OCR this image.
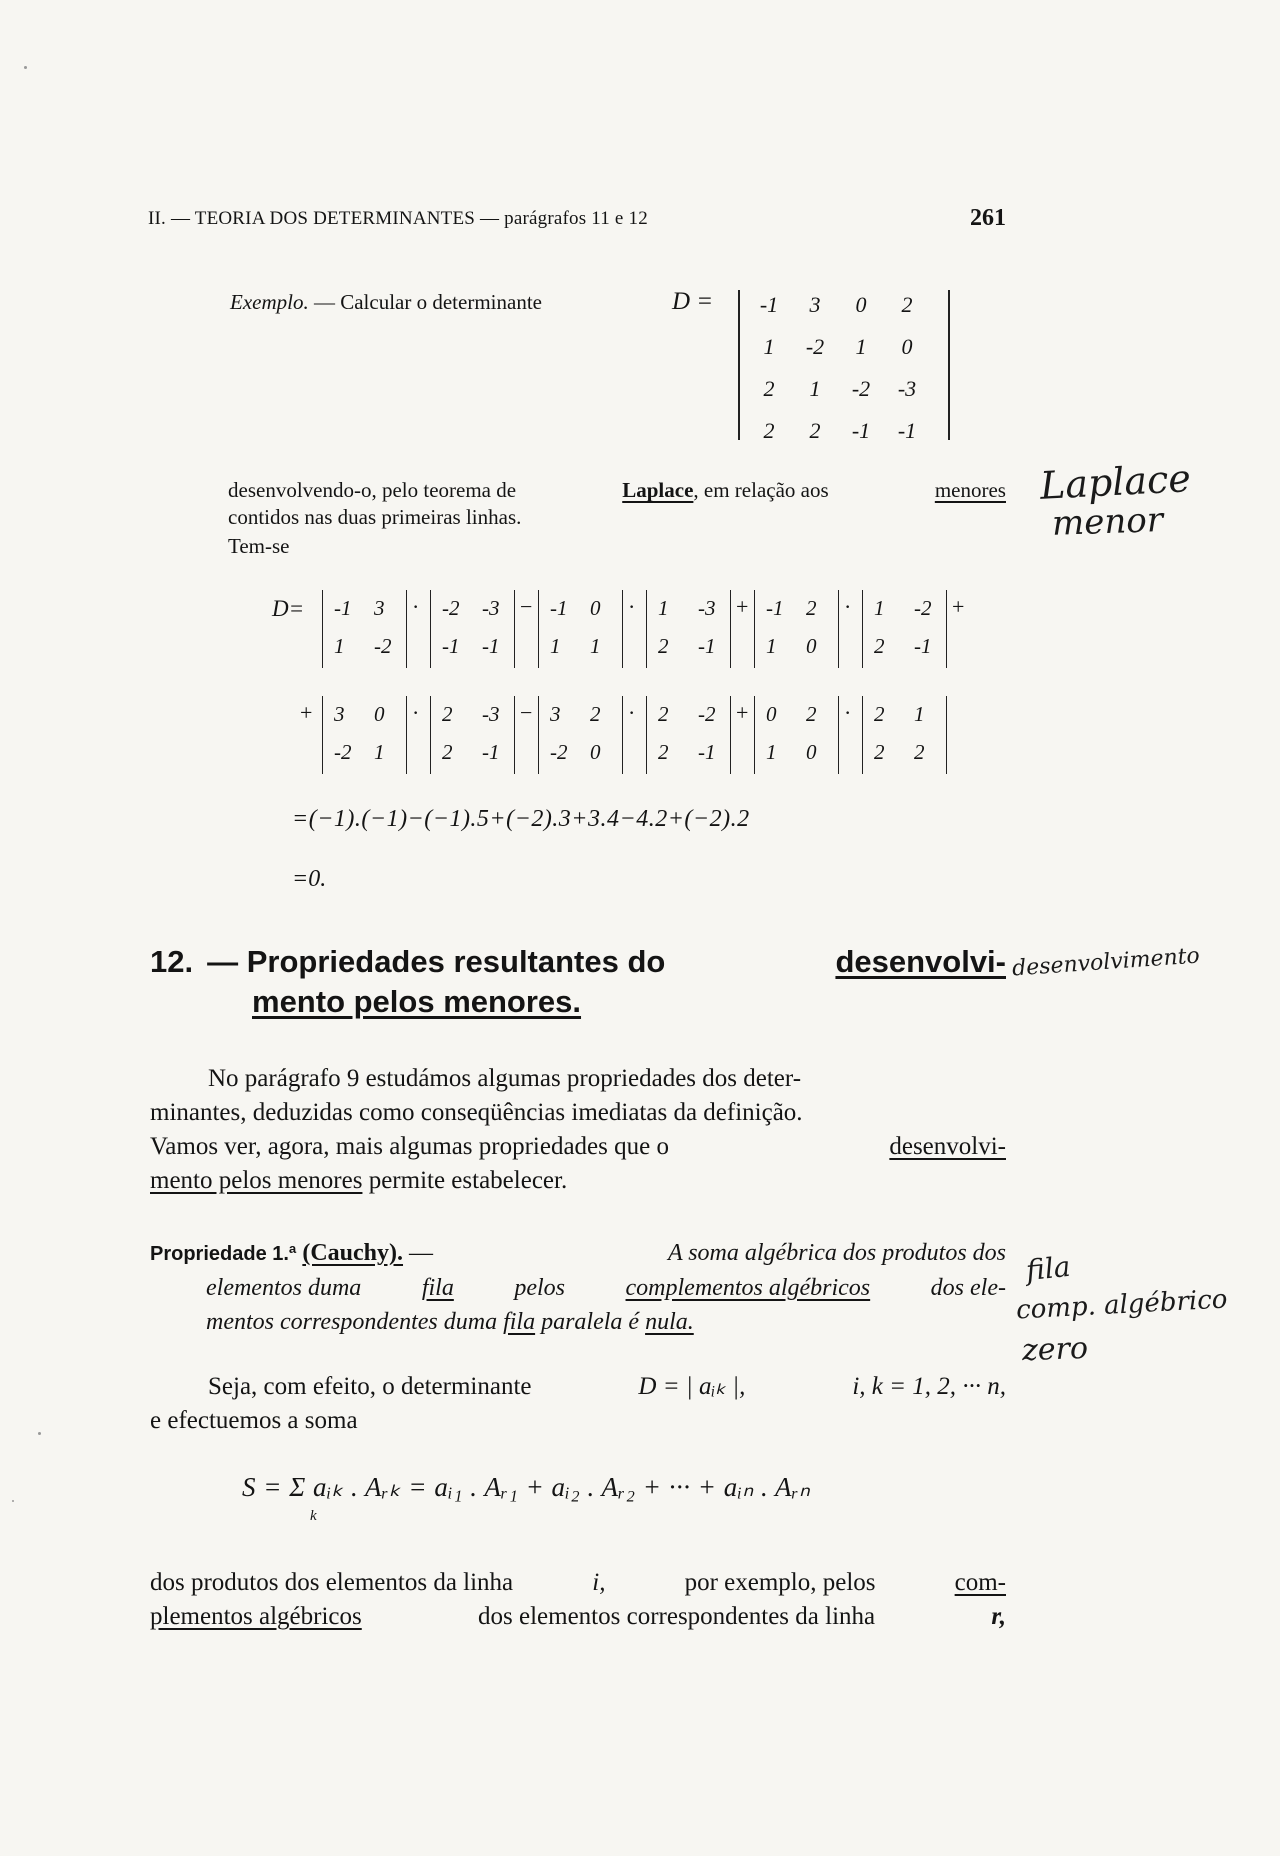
II. — TEORIA DOS DETERMINANTES — parágrafos 11 e 12	261
Exemplo. — Calcular o determinante	D = -1	3	0	2
1	-2	1	0
2	1	-2	-3
2	2	-1	-1
desenvolvendo-o, pelo teorema de	Laplace, em relação aos	menores
contidos nas duas primeiras linhas.
Tem-se
D= -1 3
1 -2
· -2 -3
-1 -1
− -1 0
1 1
· 1 -3
2 -1
+ -1 2
1 0
· 1 -2
2 -1
+
+ 3 0
-2 1
· 2 -3
2 -1
− 3 2
-2 0
· 2 -2
2 -1
+ 0 2
1 0
· 2 1
2 2
=(−1).(−1)−(−1).5+(−2).3+3.4−4.2+(−2).2
=0.
12. — Propriedades resultantes do	desenvolvi-
mento pelos menores.
No parágrafo 9 estudámos algumas propriedades dos deter-
minantes, deduzidas como conseqüências imediatas da definição.
Vamos ver, agora, mais algumas propriedades que o	desenvolvi-
mento pelos menores permite estabelecer.
Propriedade 1.ª (Cauchy). —	A soma algébrica dos produtos dos
elementos duma	fila	pelos	complementos algébricos	dos ele-
mentos correspondentes duma fila paralela é nula.
Seja, com efeito, o determinante	D = | aᵢₖ |,	i, k = 1, 2, ··· n,
e efectuemos a soma
S = Σ aᵢₖ . Aᵣₖ = aᵢ₁ . Aᵣ₁ + aᵢ₂ . Aᵣ₂ + ··· + aᵢₙ . Aᵣₙ
k
dos produtos dos elementos da linha	i,	por exemplo, pelos	com-
plementos algébricos	dos elementos correspondentes da linha	r,
Laplace
menor
desenvolvimento
fila
comp. algébrico
zero
